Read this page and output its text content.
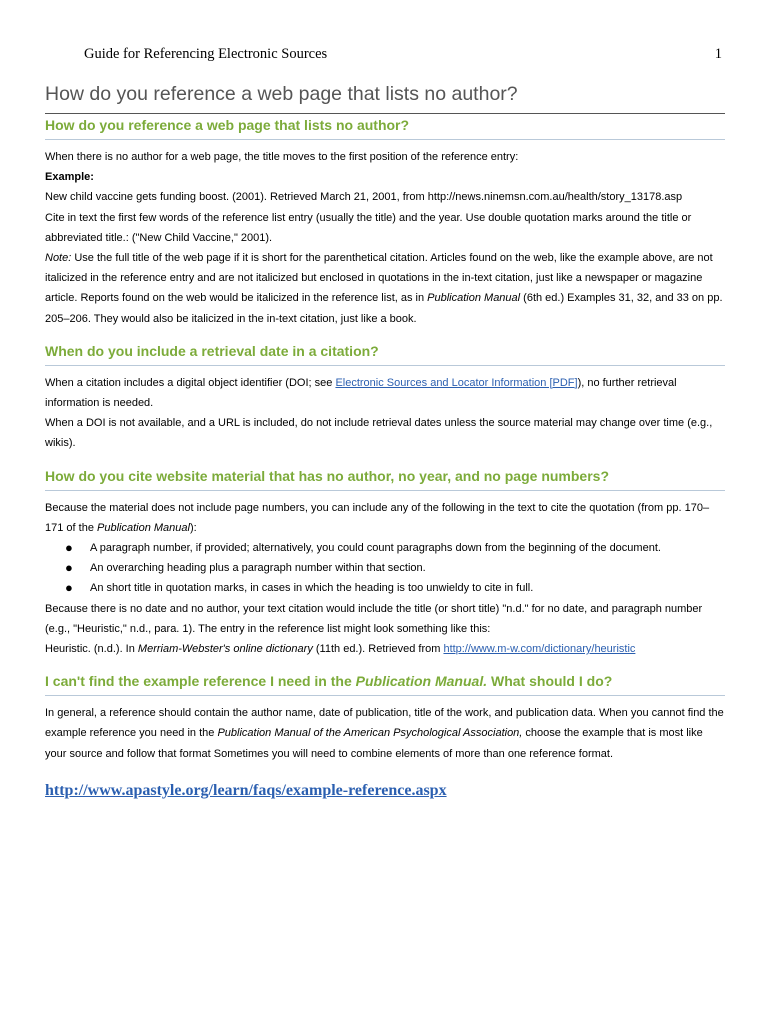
Guide for Referencing Electronic Sources	1
How do you reference a web page that lists no author?
How do you reference a web page that lists no author?

When there is no author for a web page, the title moves to the first position of the reference entry:

Example:

New child vaccine gets funding boost. (2001). Retrieved March 21, 2001, from http://news.ninemsn.com.au/health/story_13178.asp

Cite in text the first few words of the reference list entry (usually the title) and the year. Use double quotation marks around the title or abbreviated title.: ("New Child Vaccine," 2001).

Note: Use the full title of the web page if it is short for the parenthetical citation. Articles found on the web, like the example above, are not italicized in the reference entry and are not italicized but enclosed in quotations in the in-text citation, just like a newspaper or magazine article. Reports found on the web would be italicized in the reference list, as in Publication Manual (6th ed.) Examples 31, 32, and 33 on pp. 205–206. They would also be italicized in the in-text citation, just like a book.

When do you include a retrieval date in a citation?

When a citation includes a digital object identifier (DOI; see Electronic Sources and Locator Information [PDF]), no further retrieval information is needed.

When a DOI is not available, and a URL is included, do not include retrieval dates unless the source material may change over time (e.g., wikis).

How do you cite website material that has no author, no year, and no page numbers?

Because the material does not include page numbers, you can include any of the following in the text to cite the quotation (from pp. 170–171 of the Publication Manual):

● A paragraph number, if provided; alternatively, you could count paragraphs down from the beginning of the document.
● An overarching heading plus a paragraph number within that section.
● An short title in quotation marks, in cases in which the heading is too unwieldy to cite in full.

Because there is no date and no author, your text citation would include the title (or short title) "n.d." for no date, and paragraph number (e.g., "Heuristic," n.d., para. 1). The entry in the reference list might look something like this:

Heuristic. (n.d.). In Merriam-Webster's online dictionary (11th ed.). Retrieved from http://www.m-w.com/dictionary/heuristic

I can't find the example reference I need in the Publication Manual. What should I do?

In general, a reference should contain the author name, date of publication, title of the work, and publication data. When you cannot find the example reference you need in the Publication Manual of the American Psychological Association, choose the example that is most like your source and follow that format Sometimes you will need to combine elements of more than one reference format.

http://www.apastyle.org/learn/faqs/example-reference.aspx
